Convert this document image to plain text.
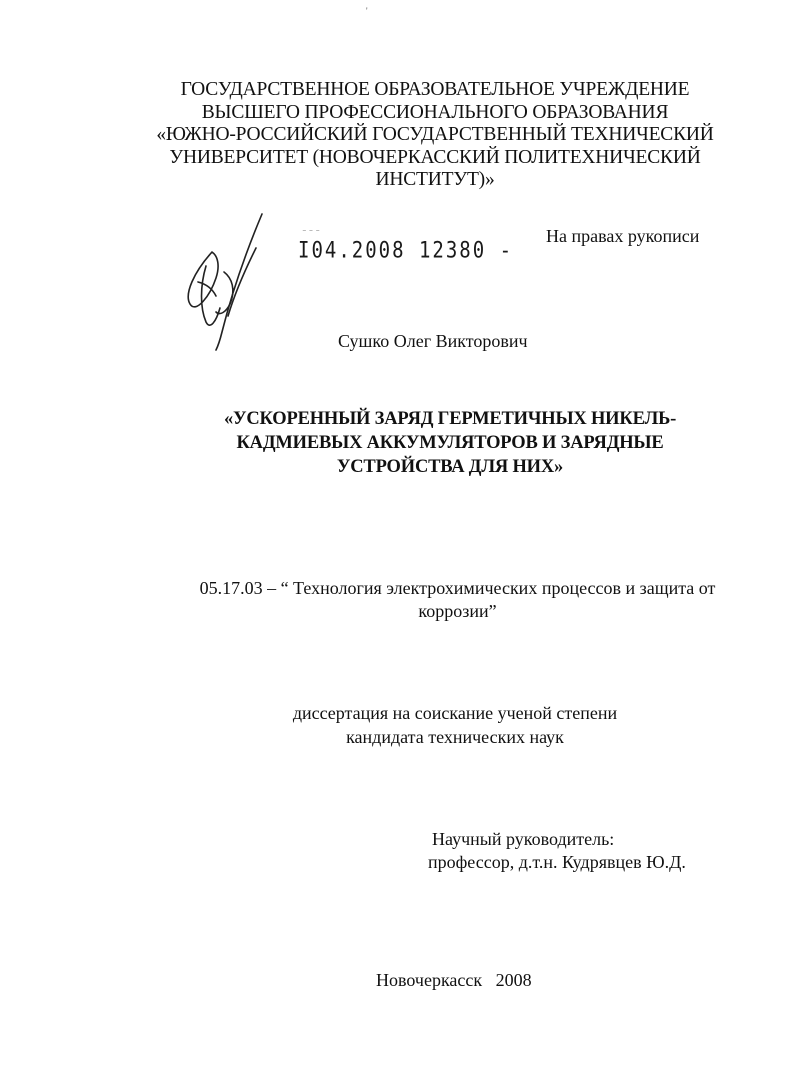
'
ГОСУДАРСТВЕННОЕ ОБРАЗОВАТЕЛЬНОЕ УЧРЕЖДЕНИЕ
ВЫСШЕГО ПРОФЕССИОНАЛЬНОГО ОБРАЗОВАНИЯ
«ЮЖНО-РОССИЙСКИЙ ГОСУДАРСТВЕННЫЙ ТЕХНИЧЕСКИЙ
УНИВЕРСИТЕТ (НОВОЧЕРКАССКИЙ ПОЛИТЕХНИЧЕСКИЙ
ИНСТИТУТ)»
На правах рукописи
‾ ‾ ‾
I04.2008 12380 -
Сушко Олег Викторович
«УСКОРЕННЫЙ ЗАРЯД ГЕРМЕТИЧНЫХ НИКЕЛЬ-
КАДМИЕВЫХ АККУМУЛЯТОРОВ И ЗАРЯДНЫЕ
УСТРОЙСТВА ДЛЯ НИХ»
05.17.03 – “ Технология электрохимических процессов и защита от
коррозии”
диссертация на соискание ученой степени
кандидата технических наук
Научный руководитель:
профессор, д.т.н. Кудрявцев Ю.Д.
Новочеркасск   2008
